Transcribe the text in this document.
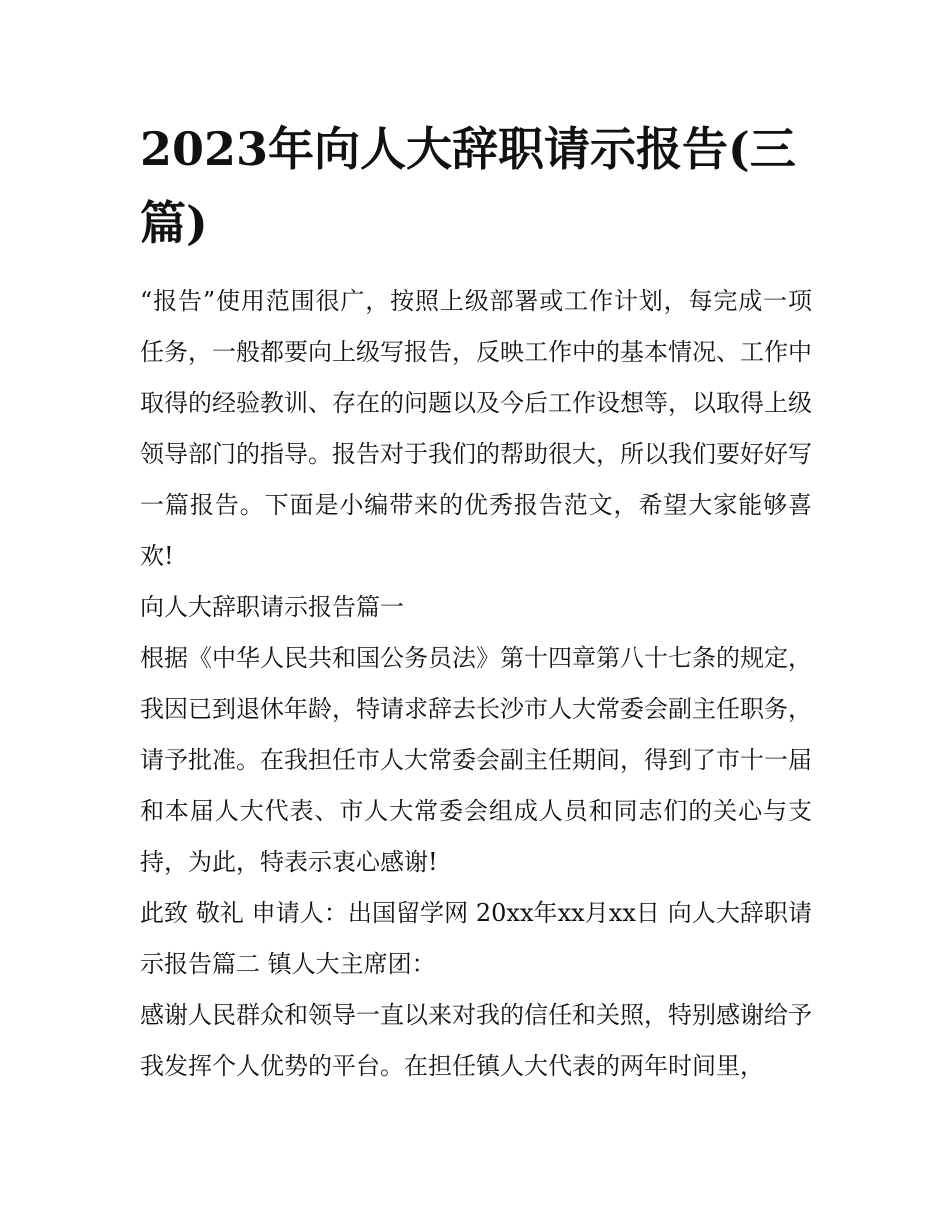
2023年向人大辞职请示报告(三篇)

“报告”使用范围很广，按照上级部署或工作计划，每完成一项任务，一般都要向上级写报告，反映工作中的基本情况、工作中取得的经验教训、存在的问题以及今后工作设想等，以取得上级领导部门的指导。报告对于我们的帮助很大，所以我们要好好写一篇报告。下面是小编带来的优秀报告范文，希望大家能够喜欢!

向人大辞职请示报告篇一

根据《中华人民共和国公务员法》第十四章第八十七条的规定，我因已到退休年龄，特请求辞去长沙市人大常委会副主任职务，请予批准。在我担任市人大常委会副主任期间，得到了市十一届和本届人大代表、市人大常委会组成人员和同志们的关心与支持，为此，特表示衷心感谢!

此致 敬礼 申请人：出国留学网 20xx年xx月xx日 向人大辞职请示报告篇二 镇人大主席团：

感谢人民群众和领导一直以来对我的信任和关照，特别感谢给予我发挥个人优势的平台。在担任镇人大代表的两年时间里，
